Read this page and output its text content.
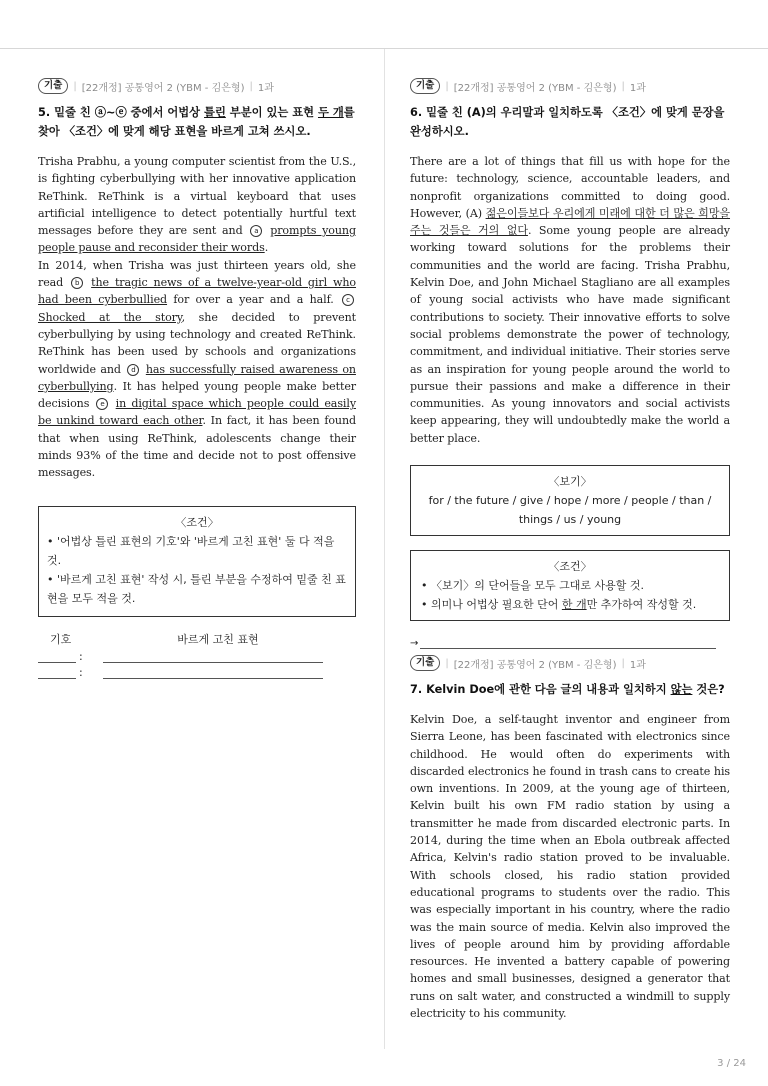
기출	| [22개정] 공통영어 2 (YBM - 김은형) | 1과
5. 밑줄 친 ⓐ~ⓔ 중에서 어법상 틀린 부분이 있는 표현 두 개를
찾아 〈조건〉에 맞게 해당 표현을 바르게 고쳐 쓰시오.
Trisha Prabhu, a young computer scientist from the U.S., is fighting cyberbullying with her innovative application ReThink. ReThink is a virtual keyboard that uses artificial intelligence to detect potentially hurtful text messages before they are sent and a prompts young people pause and reconsider their words.
In 2014, when Trisha was just thirteen years old, she read b the tragic news of a twelve-year-old girl who had been cyberbullied for over a year and a half. c Shocked at the story, she decided to prevent cyberbullying by using technology and created ReThink. ReThink has been used by schools and organizations worldwide and d has successfully raised awareness on cyberbullying. It has helped young people make better decisions e in digital space which people could easily be unkind toward each other. In fact, it has been found that when using ReThink, adolescents change their minds 93% of the time and decide not to post offensive messages.
〈조건〉
• '어법상 틀린 표현의 기호'와 '바르게 고친 표현' 둘 다 적을 것.
• '바르게 고친 표현' 작성 시, 틀린 부분을 수정하여 밑줄 친 표현을 모두 적을 것.
기호	바르게 고친 표현
:
:
기출	| [22개정] 공통영어 2 (YBM - 김은형) | 1과
6. 밑줄 친 (A)의 우리말과 일치하도록 〈조건〉에 맞게 문장을 완성하시오.
There are a lot of things that fill us with hope for the future: technology, science, accountable leaders, and nonprofit organizations committed to doing good. However, (A) 젊은이들보다 우리에게 미래에 대한 더 많은 희망을 주는 것들은 거의 없다. Some young people are already working toward solutions for the problems their communities and the world are facing. Trisha Prabhu, Kelvin Doe, and John Michael Stagliano are all examples of young social activists who have made significant contributions to society. Their innovative efforts to solve social problems demonstrate the power of technology, commitment, and individual initiative. Their stories serve as an inspiration for young people around the world to pursue their passions and make a difference in their communities. As young innovators and social activists keep appearing, they will undoubtedly make the world a better place.
〈보기〉
for / the future / give / hope / more / people / than / things / us / young
〈조건〉
• 〈보기〉의 단어들을 모두 그대로 사용할 것.
• 의미나 어법상 필요한 단어 한 개만 추가하여 작성할 것.
→
기출	| [22개정] 공통영어 2 (YBM - 김은형) | 1과
7. Kelvin Doe에 관한 다음 글의 내용과 일치하지 않는 것은?
Kelvin Doe, a self-taught inventor and engineer from Sierra Leone, has been fascinated with electronics since childhood. He would often do experiments with discarded electronics he found in trash cans to create his own inventions. In 2009, at the young age of thirteen, Kelvin built his own FM radio station by using a transmitter he made from discarded electronic parts. In 2014, during the time when an Ebola outbreak affected Africa, Kelvin's radio station proved to be invaluable. With schools closed, his radio station provided educational programs to students over the radio. This was especially important in his country, where the radio was the main source of media. Kelvin also improved the lives of people around him by providing affordable resources. He invented a battery capable of powering homes and small businesses, designed a generator that runs on salt water, and constructed a windmill to supply electricity to his community.
3 / 24
